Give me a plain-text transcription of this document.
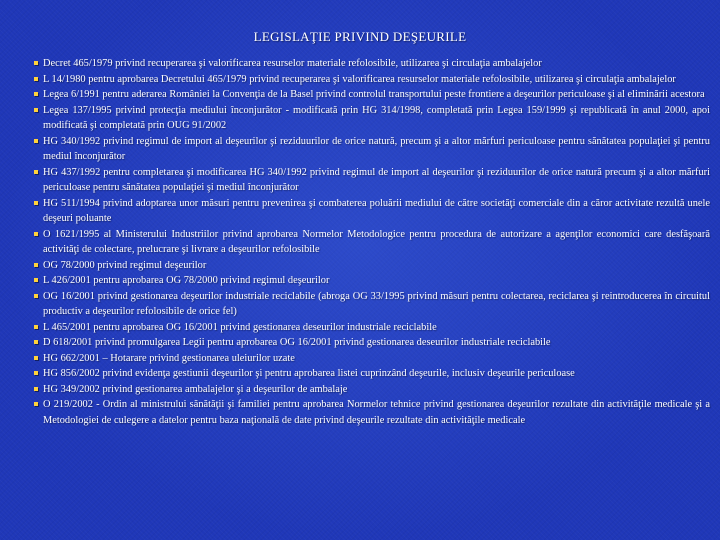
LEGISLAŢIE PRIVIND DEŞEURILE
Decret 465/1979 privind recuperarea şi valorificarea resurselor materiale refolosibile, utilizarea şi circulaţia ambalajelor
L 14/1980 pentru aprobarea Decretului 465/1979 privind recuperarea şi valorificarea resurselor materiale refolosibile, utilizarea şi circulaţia ambalajelor
Legea 6/1991 pentru aderarea României la Convenţia de la Basel privind controlul transportului peste frontiere a deşeurilor periculoase şi al eliminării acestora
Legea 137/1995 privind protecţia mediului înconjurător - modificată prin HG 314/1998, completată prin Legea 159/1999 şi republicată în anul 2000, apoi modificată şi completată prin OUG 91/2002
HG 340/1992 privind regimul de import al deşeurilor şi reziduurilor de orice natură, precum şi a altor mărfuri periculoase pentru sănătatea populaţiei şi pentru mediul înconjurător
HG 437/1992 pentru completarea şi modificarea HG 340/1992 privind regimul de import al deşeurilor şi reziduurilor de orice natură precum şi a altor mărfuri periculoase pentru sănătatea populaţiei şi mediul înconjurător
HG 511/1994 privind adoptarea unor măsuri pentru prevenirea şi combaterea poluării mediului de către societăţi comerciale din a căror activitate rezultă unele deşeuri poluante
O 1621/1995 al Ministerului Industriilor privind aprobarea Normelor Metodologice pentru procedura de autorizare a agenţilor economici care desfăşoară activităţi de colectare, prelucrare şi livrare a deşeurilor refolosibile
OG 78/2000 privind regimul deşeurilor
L 426/2001 pentru aprobarea OG 78/2000 privind regimul deşeurilor
OG 16/2001 privind gestionarea deşeurilor industriale reciclabile (abroga OG 33/1995 privind măsuri pentru colectarea, reciclarea şi reintroducerea în circuitul productiv a deşeurilor refolosibile de orice fel)
L 465/2001 pentru aprobarea OG 16/2001 privind gestionarea deseurilor industriale reciclabile
D 618/2001 privind promulgarea Legii pentru aprobarea OG 16/2001 privind gestionarea deseurilor industriale reciclabile
HG 662/2001 – Hotarare privind gestionarea uleiurilor uzate
HG 856/2002 privind evidenţa gestiunii deşeurilor şi pentru aprobarea listei cuprinzând deşeurile, inclusiv deşeurile periculoase
HG 349/2002 privind gestionarea ambalajelor şi a deşeurilor de ambalaje
O 219/2002 - Ordin al ministrului sănătăţii şi familiei pentru aprobarea Normelor tehnice privind gestionarea deşeurilor rezultate din activităţile medicale şi a Metodologiei de culegere a datelor pentru baza naţională de date privind deşeurile rezultate din activităţile medicale
